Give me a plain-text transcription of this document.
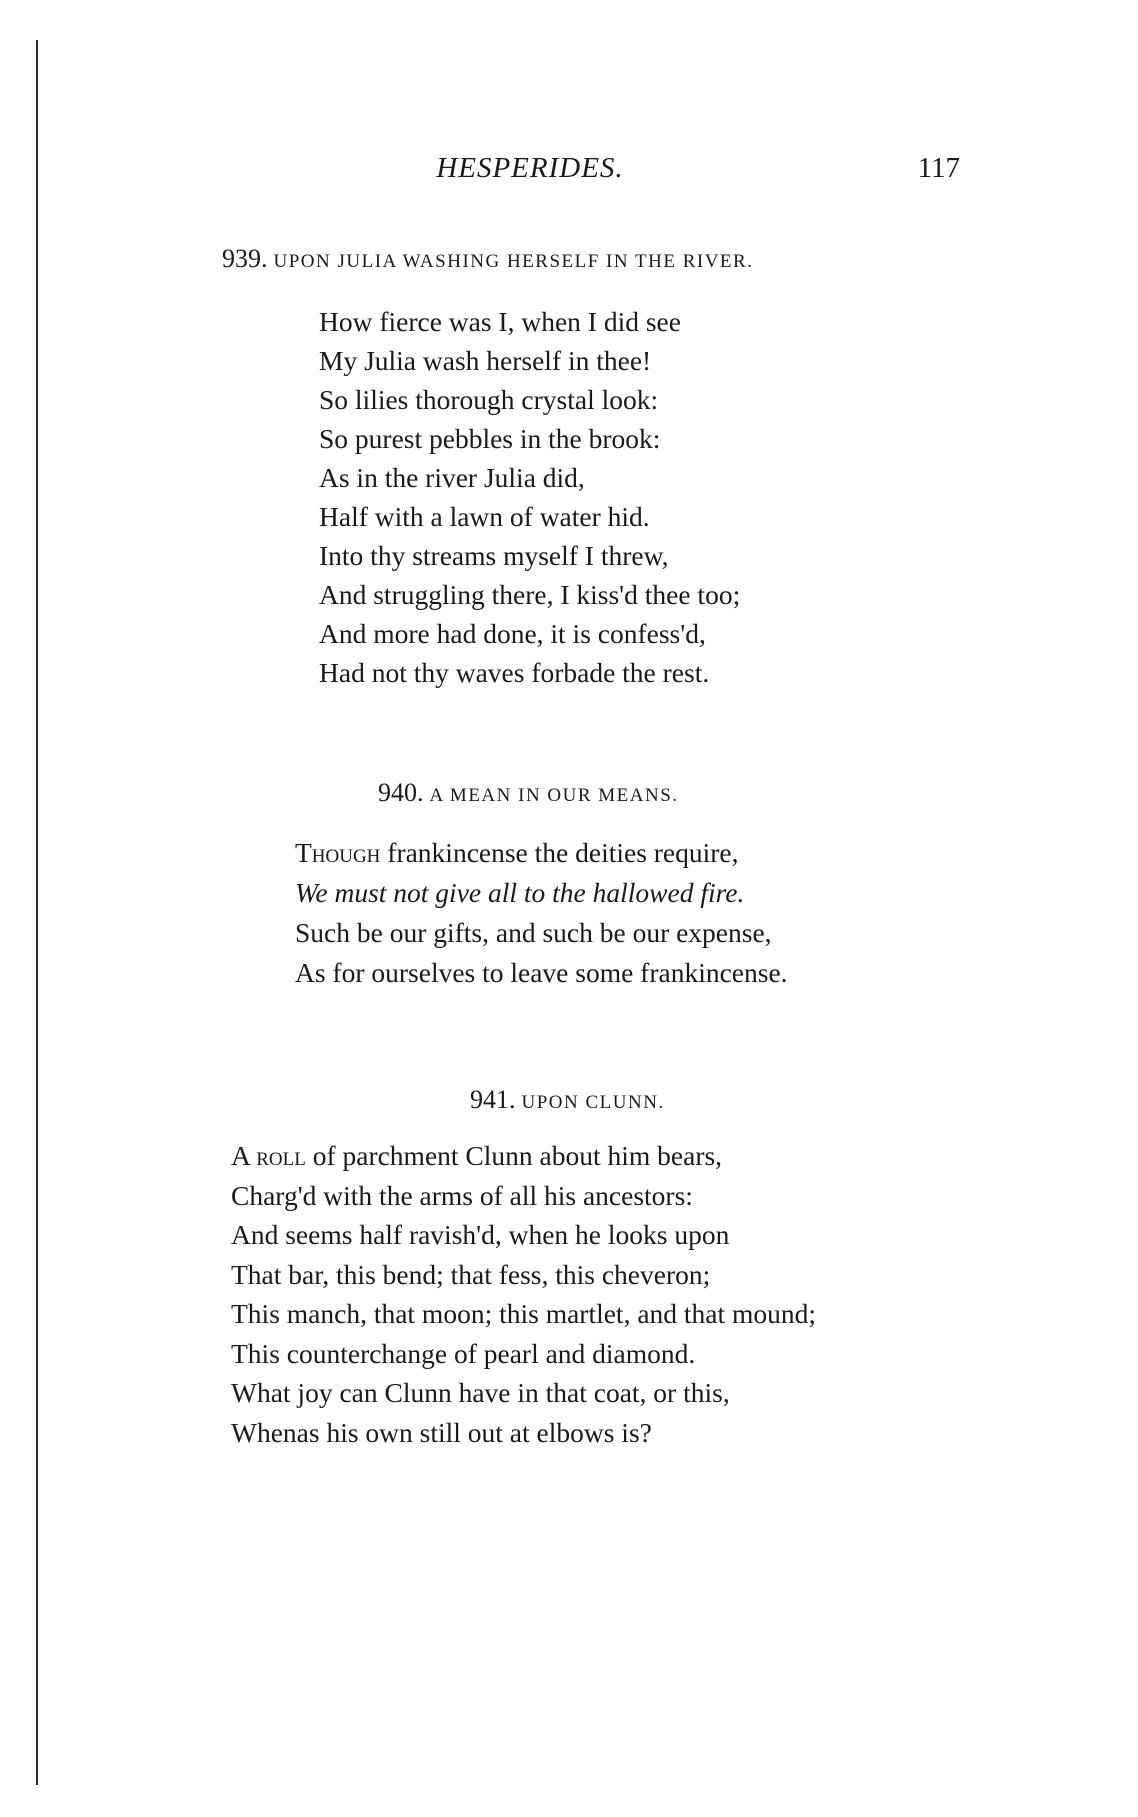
HESPERIDES.	117
939. UPON JULIA WASHING HERSELF IN THE RIVER.
How fierce was I, when I did see
My Julia wash herself in thee!
So lilies thorough crystal look:
So purest pebbles in the brook:
As in the river Julia did,
Half with a lawn of water hid.
Into thy streams myself I threw,
And struggling there, I kiss'd thee too;
And more had done, it is confess'd,
Had not thy waves forbade the rest.
940. A MEAN IN OUR MEANS.
Though frankincense the deities require,
We must not give all to the hallowed fire.
Such be our gifts, and such be our expense,
As for ourselves to leave some frankincense.
941. UPON CLUNN.
A roll of parchment Clunn about him bears,
Charg'd with the arms of all his ancestors:
And seems half ravish'd, when he looks upon
That bar, this bend; that fess, this cheveron;
This manch, that moon; this martlet, and that mound;
This counterchange of pearl and diamond.
What joy can Clunn have in that coat, or this,
Whenas his own still out at elbows is?
